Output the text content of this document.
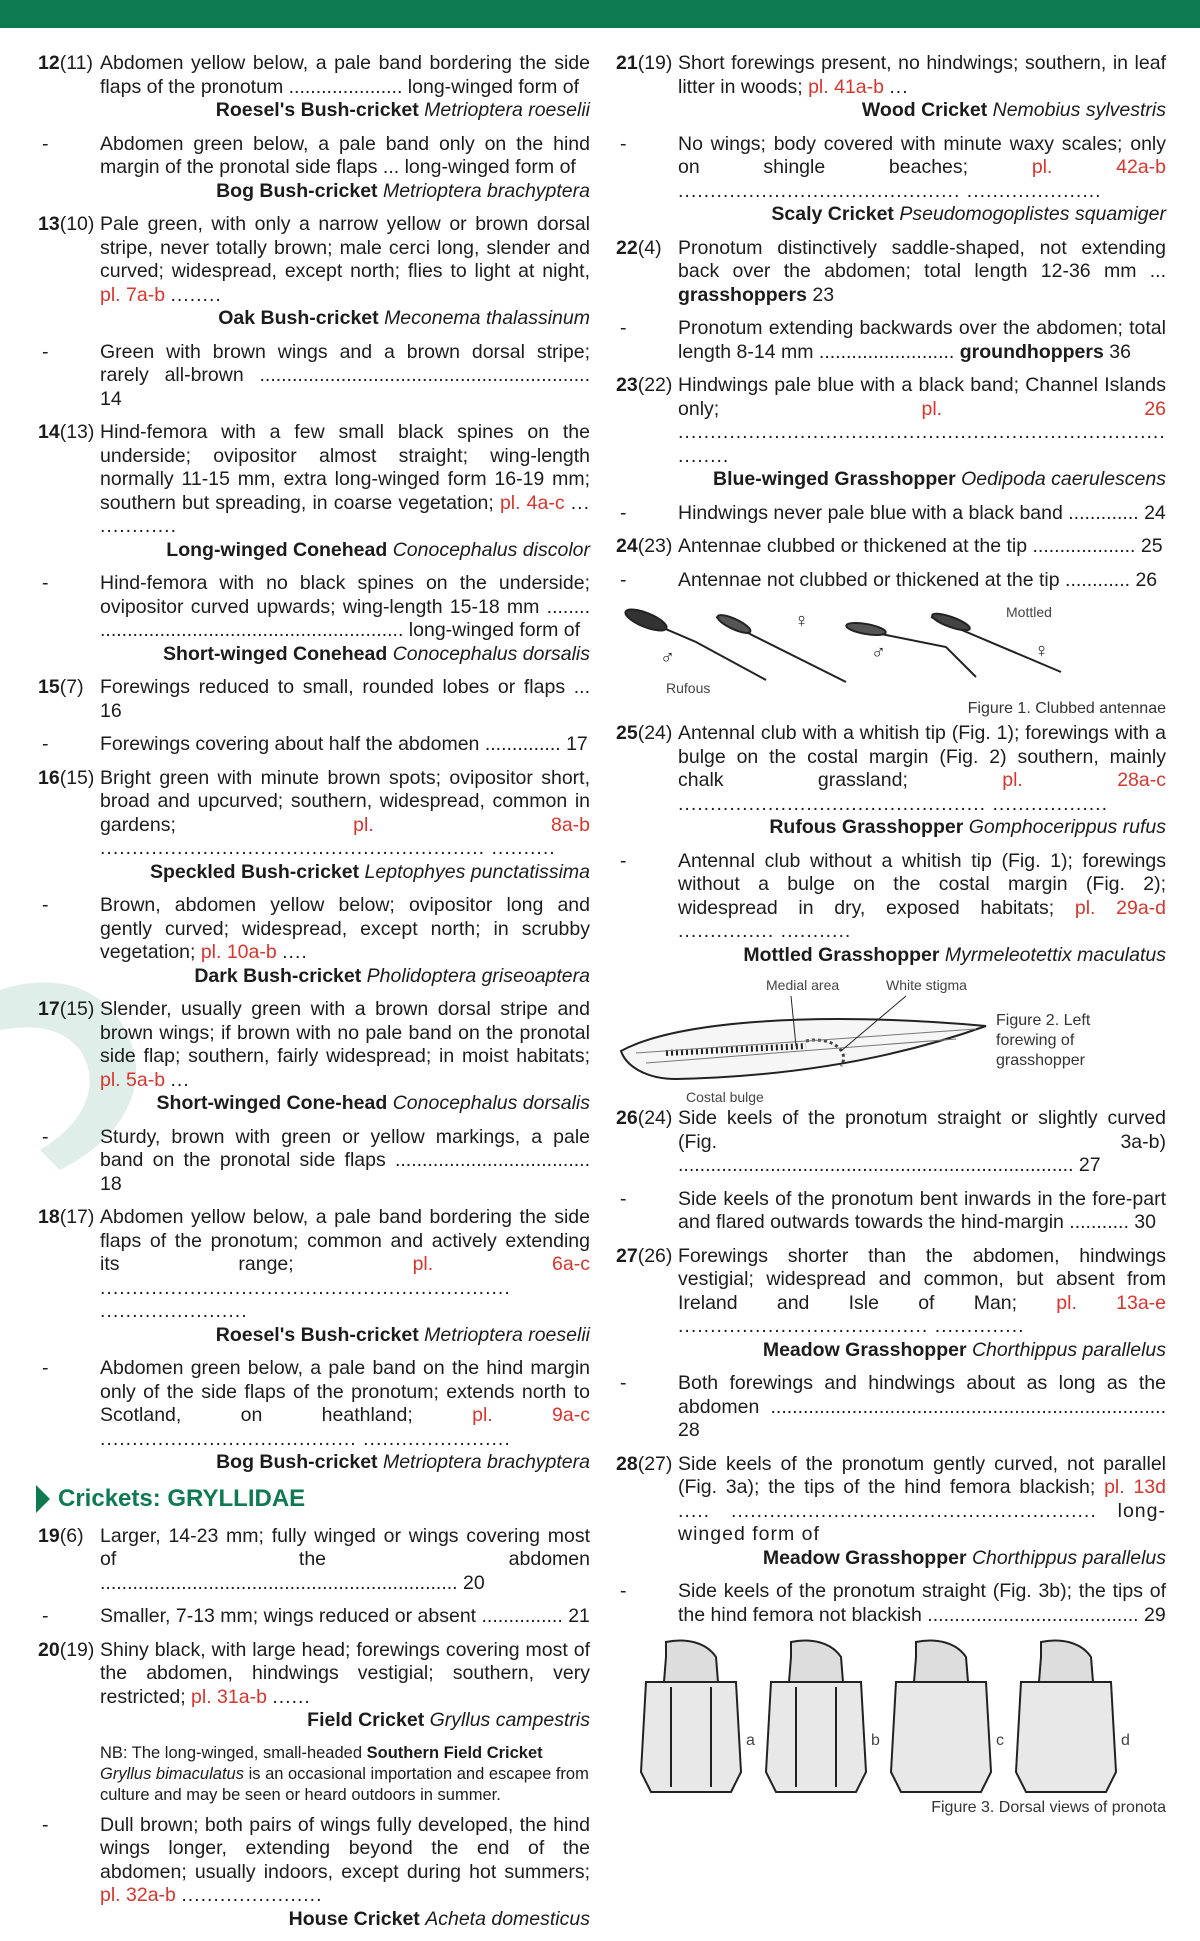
12(11) Abdomen yellow below, a pale band bordering the side flaps of the pronotum ..................... long-winged form of
Roesel's Bush-cricket Metrioptera roeselii
-	Abdomen green below, a pale band only on the hind margin of the pronotal side flaps ... long-winged form of
Bog Bush-cricket Metrioptera brachyptera
13(10) Pale green, with only a narrow yellow or brown dorsal stripe, never totally brown; male cerci long, slender and curved; widespread, except north; flies to light at night, pl. 7a-b ........
Oak Bush-cricket Meconema thalassinum
-	Green with brown wings and a brown dorsal stripe; rarely all-brown ............................................................. 14
14(13) Hind-femora with a few small black spines on the underside; ovipositor almost straight; wing-length normally 11-15 mm, extra long-winged form 16-19 mm; southern but spreading, in coarse vegetation; pl. 4a-c ... ............
Long-winged Conehead Conocephalus discolor
-	Hind-femora with no black spines on the underside; ovipositor curved upwards; wing-length 15-18 mm ........ ........................................................ long-winged form of
Short-winged Conehead Conocephalus dorsalis
15(7) Forewings reduced to small, rounded lobes or flaps ... 16
-	Forewings covering about half the abdomen .............. 17
16(15) Bright green with minute brown spots; ovipositor short, broad and upcurved; southern, widespread, common in gardens;	pl. 8a-b ............................................................ ..........
Speckled Bush-cricket Leptophyes punctatissima
-	Brown, abdomen yellow below; ovipositor long and gently curved; widespread, except north; in scrubby vegetation; pl. 10a-b ....
Dark Bush-cricket Pholidoptera griseoaptera
17(15) Slender, usually green with a brown dorsal stripe and brown wings; if brown with no pale band on the pronotal side flap; southern, fairly widespread; in moist habitats; pl. 5a-b ...
Short-winged Cone-head Conocephalus dorsalis
-	Sturdy, brown with green or yellow markings, a pale band on the pronotal side flaps .................................... 18
18(17) Abdomen yellow below, a pale band bordering the side flaps of the pronotum; common and actively extending its range;	pl. 6a-c ................................................................ .......................
Roesel's Bush-cricket Metrioptera roeselii
-	Abdomen green below, a pale band on the hind margin only of the side flaps of the pronotum; extends north to Scotland, on heathland;	pl. 9a-c ........................................ .......................
Bog Bush-cricket Metrioptera brachyptera
Crickets: GRYLLIDAE
19(6) Larger, 14-23 mm; fully winged or wings covering most of the abdomen .................................................................. 20
-	Smaller, 7-13 mm; wings reduced or absent ............... 21
20(19) Shiny black, with large head; forewings covering most of the abdomen, hindwings vestigial; southern, very restricted; pl. 31a-b ......
Field Cricket Gryllus campestris
NB: The long-winged, small-headed Southern Field Cricket Gryllus bimaculatus is an occasional importation and escapee from culture and may be seen or heard outdoors in summer.
-	Dull brown; both pairs of wings fully developed, the hind wings longer, extending beyond the end of the abdomen; usually indoors, except during hot summers; pl. 32a-b ......................
House Cricket Acheta domesticus
21(19) Short forewings present, no hindwings; southern, in leaf litter in woods; pl. 41a-b ...
Wood Cricket Nemobius sylvestris
-	No wings; body covered with minute waxy scales; only on shingle beaches;	pl. 42a-b ............................................ .....................
Scaly Cricket Pseudomogoplistes squamiger
22(4) Pronotum distinctively saddle-shaped, not extending back over the abdomen; total length 12-36 mm ... grasshoppers 23
-	Pronotum extending backwards over the abdomen; total length 8-14 mm ......................... groundhoppers 36
23(22) Hindwings pale blue with a black band; Channel Islands only;	pl. 26 ............................................................................ ........
Blue-winged Grasshopper Oedipoda caerulescens
-	Hindwings never pale blue with a black band ............. 24
24(23) Antennae clubbed or thickened at the tip ................... 25
-	Antennae not clubbed or thickened at the tip ............ 26
Rufous
Mottled
♂
♀
♂	♀
Figure 1. Clubbed antennae
25(24) Antennal club with a whitish tip (Fig. 1); forewings with a bulge on the costal margin (Fig. 2) southern, mainly chalk grassland;	pl. 28a-c ................................................ ..................
Rufous Grasshopper Gomphocerippus rufus
-	Antennal club without a whitish tip (Fig. 1); forewings without a bulge on the costal margin (Fig. 2); widespread in dry, exposed habitats; pl. 29a-d ............... ...........
Mottled Grasshopper Myrmeleotettix maculatus
Medial area	White stigma
Costal bulge
Figure 2. Left forewing of grasshopper
26(24) Side keels of the pronotum straight or slightly curved (Fig. 3a-b) ......................................................................... 27
-	Side keels of the pronotum bent inwards in the fore-part and flared outwards towards the hind-margin ........... 30
27(26) Forewings shorter than the abdomen, hindwings vestigial; widespread and common, but absent from Ireland and Isle of Man; pl. 13a-e ....................................... ..............
Meadow Grasshopper Chorthippus parallelus
-	Both forewings and hindwings about as long as the abdomen ......................................................................... 28
28(27) Side keels of the pronotum gently curved, not parallel (Fig. 3a); the tips of the hind femora blackish; pl. 13d ..... ......................................................... long-winged form of
Meadow Grasshopper Chorthippus parallelus
-	Side keels of the pronotum straight (Fig. 3b); the tips of the hind femora not blackish ....................................... 29
a	b	c	d
Figure 3. Dorsal views of pronota
